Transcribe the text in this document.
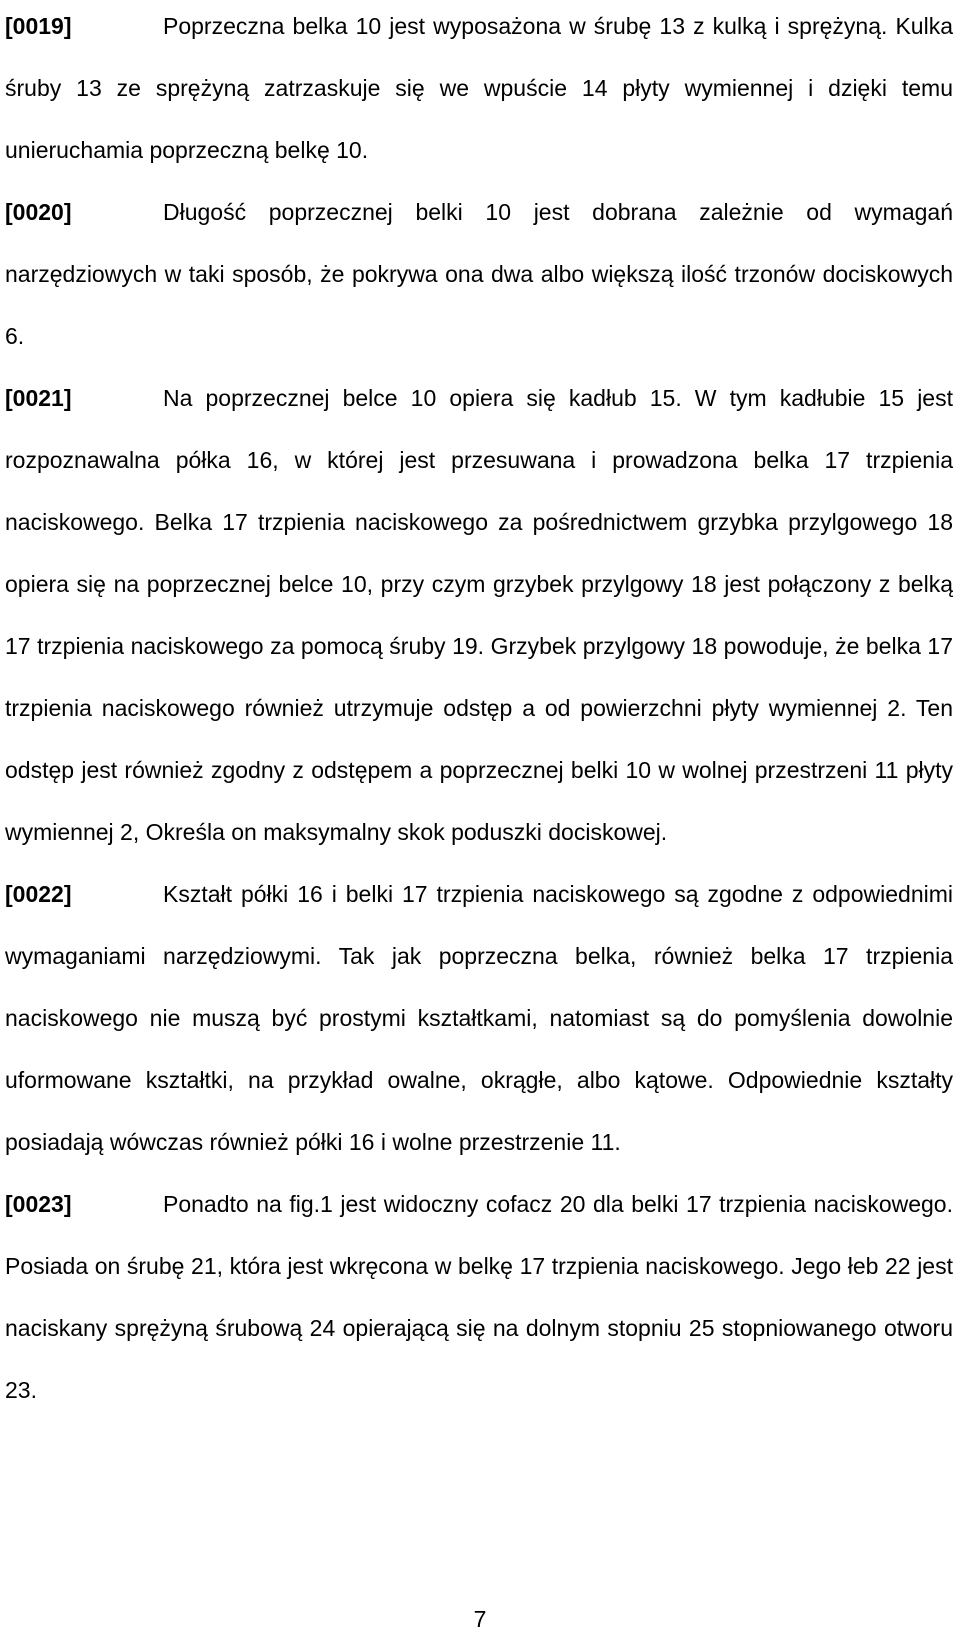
[0019]	Poprzeczna belka 10 jest wyposażona w śrubę 13 z kulką i sprężyną. Kulka śruby 13 ze sprężyną zatrzaskuje się we wpuście 14 płyty wymiennej i dzięki temu unieruchamia poprzeczną belkę 10.

[0020]	Długość poprzecznej belki 10 jest dobrana zależnie od wymagań narzędziowych w taki sposób, że pokrywa ona dwa albo większą ilość trzonów dociskowych 6.

[0021]	Na poprzecznej belce 10 opiera się kadłub 15. W tym kadłubie 15 jest rozpoznawalna półka 16, w której jest przesuwana i prowadzona belka 17 trzpienia naciskowego. Belka 17 trzpienia naciskowego za pośrednictwem grzybka przylgowego 18 opiera się na poprzecznej belce 10, przy czym grzybek przylgowy 18 jest połączony z belką 17 trzpienia naciskowego za pomocą śruby 19. Grzybek przylgowy 18 powoduje, że belka 17 trzpienia naciskowego również utrzymuje odstęp a od powierzchni płyty wymiennej 2. Ten odstęp jest również zgodny z odstępem a poprzecznej belki 10 w wolnej przestrzeni 11 płyty wymiennej 2, Określa on maksymalny skok poduszki dociskowej.

[0022]	Kształt półki 16 i belki 17 trzpienia naciskowego są zgodne z odpowiednimi wymaganiami narzędziowymi. Tak jak poprzeczna belka, również belka 17 trzpienia naciskowego nie muszą być prostymi kształtkami, natomiast są do pomyślenia dowolnie uformowane kształtki, na przykład owalne, okrągłe, albo kątowe. Odpowiednie kształty posiadają wówczas również półki 16 i wolne przestrzenie 11.

[0023]	Ponadto na fig.1 jest widoczny cofacz 20 dla belki 17 trzpienia naciskowego. Posiada on śrubę 21, która jest wkręcona w belkę 17 trzpienia naciskowego. Jego łeb 22 jest naciskany sprężyną śrubową 24 opierającą się na dolnym stopniu 25 stopniowanego otworu 23.

7
